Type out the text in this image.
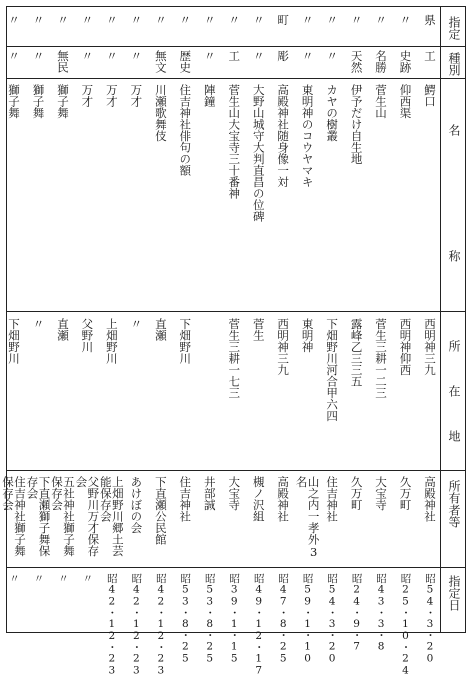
指定
種別
名
称
所
在
地
所有者等
指定日
県
工
鰐口
西明神三九
高殿神社
昭54・3・20
〃
史跡
仰西渠
西明神仰西
久万町
昭25・10・24
〃
名勝
菅生山
菅生三耕一二三
大宝寺
昭43・3・8
〃
天然
伊予だけ自生地
露峰乙三三五
久万町
昭24・9・7
〃
〃
カヤの樹叢
下畑野川河合甲六四
住吉神社
昭54・3・20
〃
〃
東明神のコウヤマキ
東明神
山之内一孝外3名
昭59・1・10
町
彫
高殿神社随身像一対
西明神三九
高殿神社
昭47・8・25
〃
〃
大野山城守大判直昌の位碑
菅生
槻ノ沢組
昭49・12・17
〃
工
菅生山大宝寺三十番神
菅生三耕一七三
大宝寺
昭39・1・15
〃
〃
陣鐘
井部誠
昭53・8・25
〃
歴史
住吉神社俳句の額
下畑野川
住吉神社
昭53・8・25
〃
無文
川瀬歌舞伎
直瀬
下直瀬公民館
昭42・12・23
〃
〃
万才
〃
あけぼの会
昭42・12・23
〃
〃
万才
上畑野川
上畑野川郷土芸能保存会
昭42・12・23
〃
〃
万才
父野川
父野川万才保存会
〃
〃
無民
獅子舞
直瀬
五社神社獅子舞保存会
〃
〃
〃
獅子舞
〃
下直瀬獅子舞保存会
〃
〃
〃
獅子舞
下畑野川
住吉神社獅子舞保存会
〃
